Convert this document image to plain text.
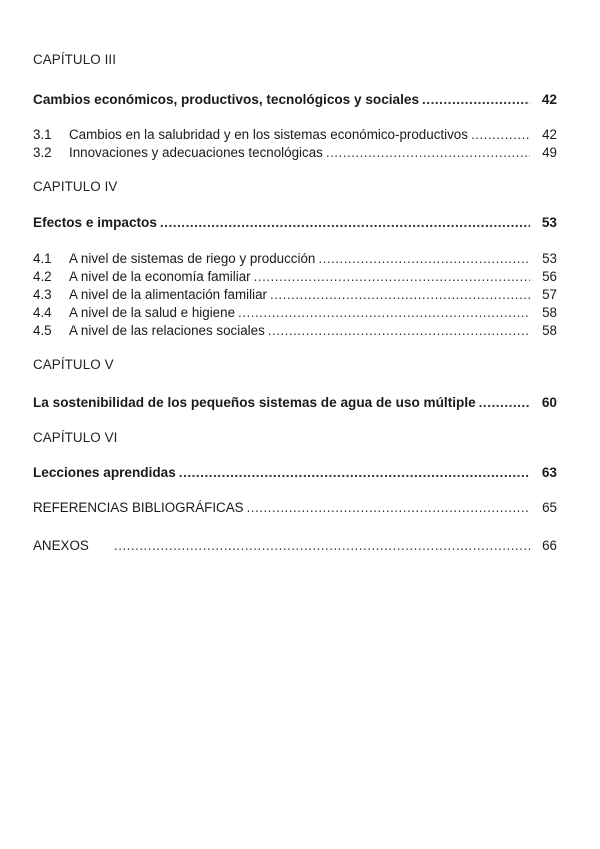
CAPÍTULO III
Cambios económicos, productivos, tecnológicos y sociales .....	42
3.1	Cambios en la salubridad y en los sistemas económico-productivos .....	42
3.2	Innovaciones y adecuaciones tecnológicas .....	49
CAPITULO IV
Efectos e impactos .....	53
4.1	A nivel de sistemas de riego y producción .....	53
4.2	A nivel de la economía familiar .....	56
4.3	A nivel de la alimentación familiar .....	57
4.4	A nivel de la salud e higiene .....	58
4.5	A nivel de las relaciones sociales .....	58
CAPÍTULO V
La sostenibilidad de los pequeños sistemas de agua de uso múltiple .....	60
CAPÍTULO VI
Lecciones aprendidas .....	63
REFERENCIAS BIBLIOGRÁFICAS .....	65
ANEXOS .....	66
